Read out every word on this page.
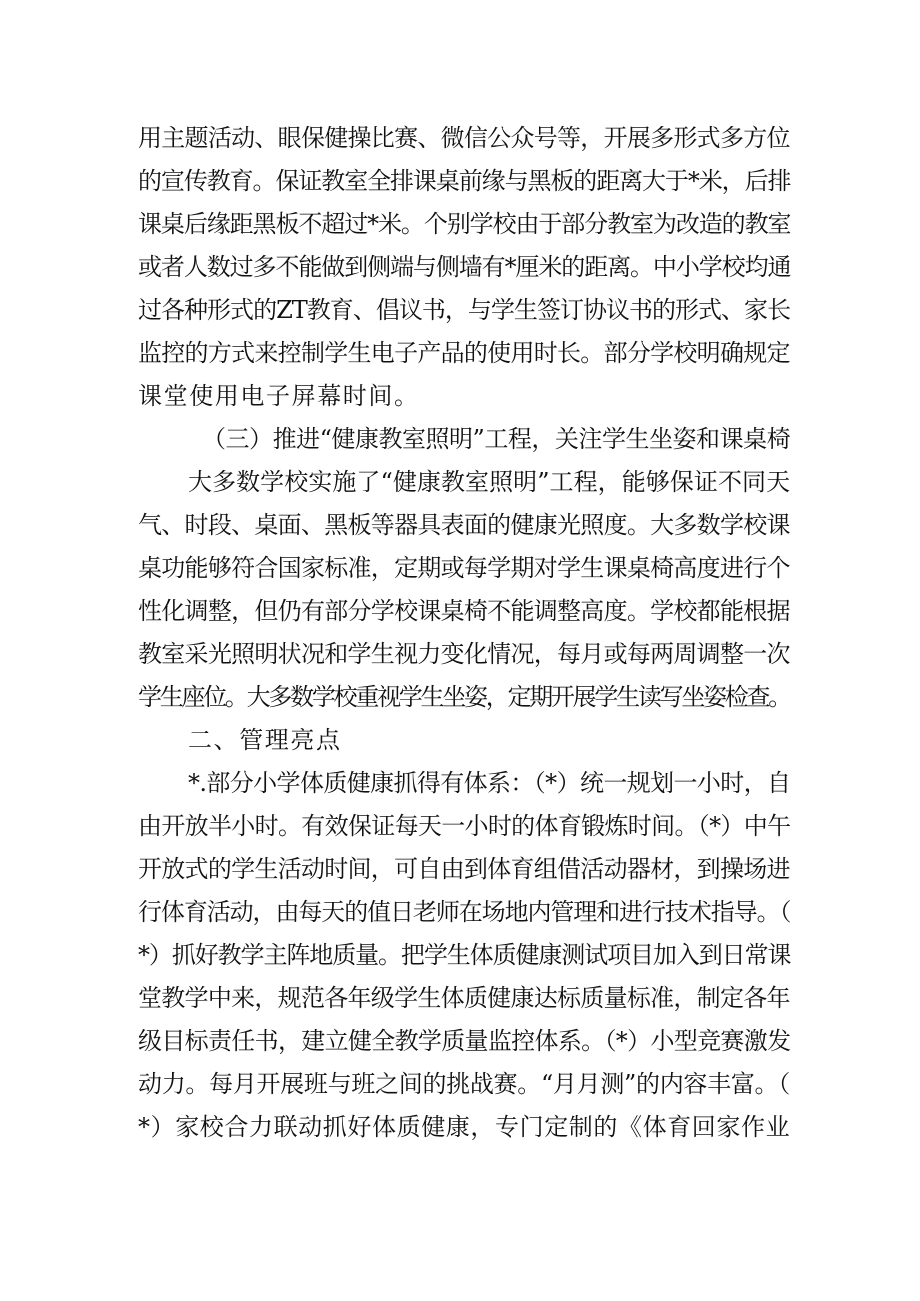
用主题活动、眼保健操比赛、微信公众号等，开展多形式多方位
的宣传教育。保证教室全排课桌前缘与黑板的距离大于*米，后排
课桌后缘距黑板不超过*米。个别学校由于部分教室为改造的教室
或者人数过多不能做到侧端与侧墙有*厘米的距离。中小学校均通
过各种形式的ZT教育、倡议书，与学生签订协议书的形式、家长
监控的方式来控制学生电子产品的使用时长。部分学校明确规定
课堂使用电子屏幕时间。
（三）推进“健康教室照明”工程，关注学生坐姿和课桌椅
大多数学校实施了“健康教室照明”工程，能够保证不同天
气、时段、桌面、黑板等器具表面的健康光照度。大多数学校课
桌功能够符合国家标准，定期或每学期对学生课桌椅高度进行个
性化调整，但仍有部分学校课桌椅不能调整高度。学校都能根据
教室采光照明状况和学生视力变化情况，每月或每两周调整一次
学生座位。大多数学校重视学生坐姿，定期开展学生读写坐姿检查。
二、管理亮点
*.部分小学体质健康抓得有体系：（*）统一规划一小时，自
由开放半小时。有效保证每天一小时的体育锻炼时间。（*）中午
开放式的学生活动时间，可自由到体育组借活动器材，到操场进
行体育活动，由每天的值日老师在场地内管理和进行技术指导。（
*）抓好教学主阵地质量。把学生体质健康测试项目加入到日常课
堂教学中来，规范各年级学生体质健康达标质量标准，制定各年
级目标责任书，建立健全教学质量监控体系。（*）小型竞赛激发
动力。每月开展班与班之间的挑战赛。“月月测”的内容丰富。（
*）家校合力联动抓好体质健康，专门定制的《体育回家作业
